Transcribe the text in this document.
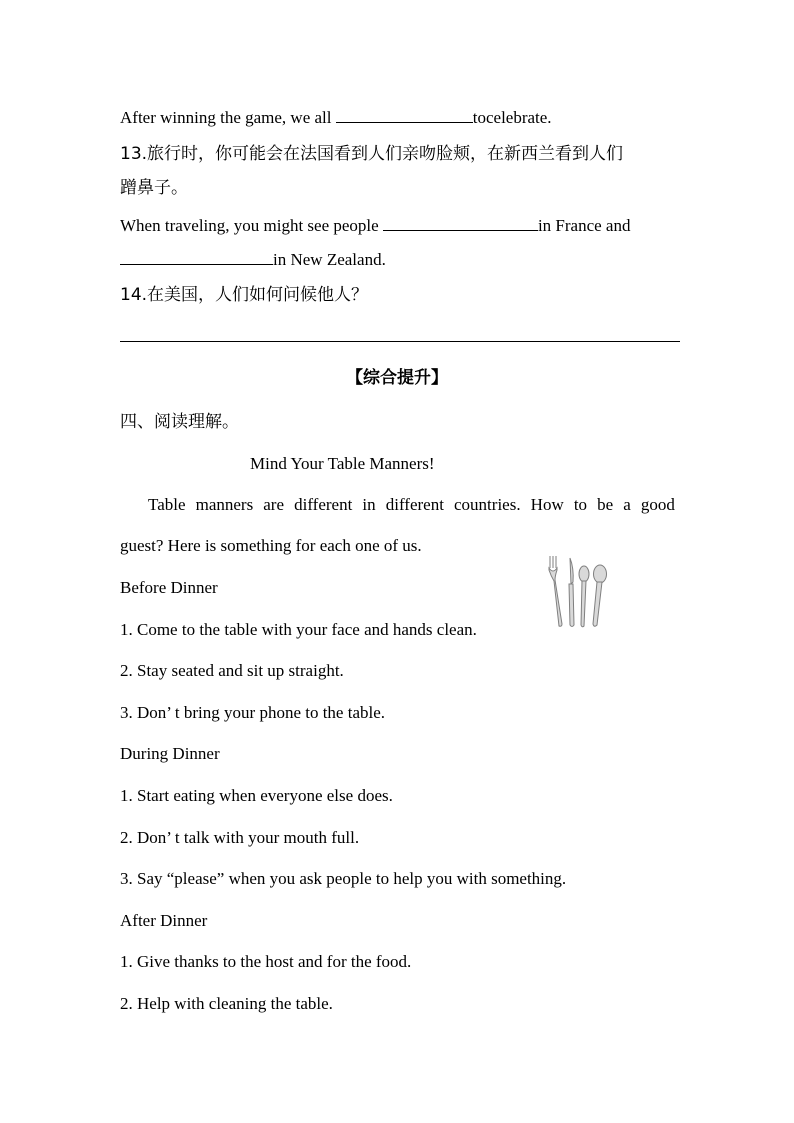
After winning the game, we all	tocelebrate.
13.旅行时，你可能会在法国看到人们亲吻脸颊，在新西兰看到人们
蹭鼻子。
When traveling, you might see people	in France and
in New Zealand.
14.在美国，人们如何问候他人？
【综合提升】
四、阅读理解。
Mind Your Table Manners!
Table manners are different in different countries. How to be a good
guest? Here is something for each one of us.
Before Dinner
1. Come to the table with your face and hands clean.
2. Stay seated and sit up straight.
3. Don’ t bring your phone to the table.
During Dinner
1. Start eating when everyone else does.
2. Don’ t talk with your mouth full.
3. Say “please” when you ask people to help you with something.
After Dinner
1. Give thanks to the host and for the food.
2. Help with cleaning the table.
